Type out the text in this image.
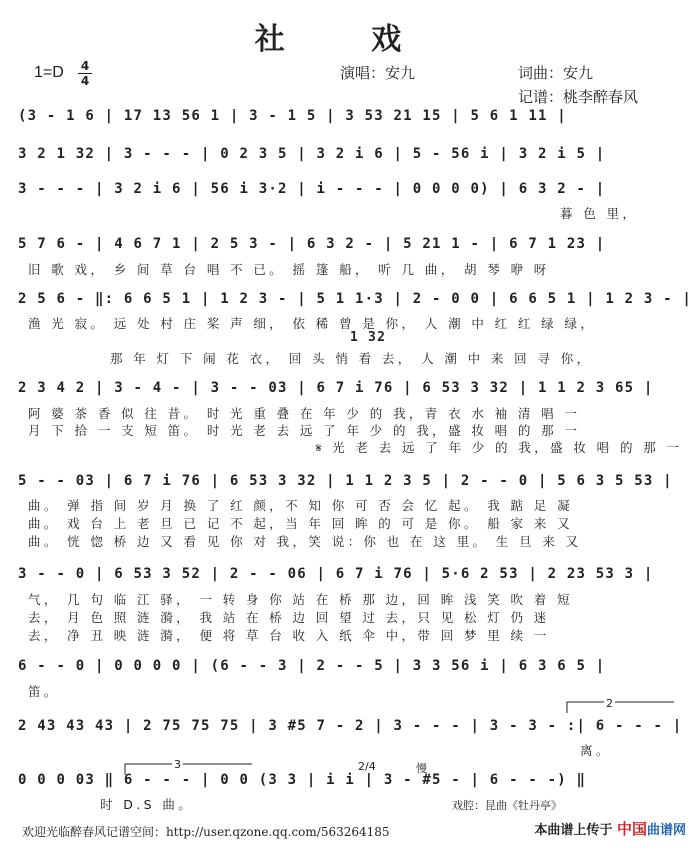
社 戏
1=D 4
4	演唱：安九	词曲：安九
记谱：桃李醉春风
(3 - 1 6 | 17 13 56 1 | 3 - 1 5 | 3 53 21 15 | 5 6 1 11 |
3 2 1 32 | 3 - - - | 0 2 3 5 | 3 2 i 6 | 5 - 56 i | 3 2 i 5 |
3 - - - | 3 2 i 6 | 56 i 3·2 | i - - - | 0 0 0 0) | 6 3 2 - |
暮 色 里，
5 7 6 - | 4 6 7 1 | 2 5 3 - | 6 3 2 - | 5 21 1 - | 6 7 1 23 |
旧 歌 戏， 乡 间 草 台 唱 不 已。 摇 篷 船， 听 几 曲， 胡 琴 咿 呀
2 5 6 - ‖: 6 6 5 1 | 1 2 3 - | 5 1 1·3 | 2 - 0 0 | 6 6 5 1 | 1 2 3 - |
渔 光 寂。 远 处 村 庄 桨 声 细， 依 稀 曾 是 你， 人 潮 中 红 红 绿 绿，
1 32
那 年 灯 下 闹 花 衣， 回 头 悄 看 去， 人 潮 中 来 回 寻 你，
2 3 4 2 | 3 - 4 - | 3 - - 03 | 6 7 i 76 | 6 53 3 32 | 1 1 2 3 65 |
阿 婆 茶 香 似 往 昔。 时 光 重 叠 在 年 少 的 我，青 衣 水 袖 清 唱 一
月 下 拾 一 支 短 笛。 时 光 老 去 远 了 年 少 的 我，盛 妆 唱 的 那 一
𝄋 光 老 去 远 了 年 少 的 我，盛 妆 唱 的 那 一
5 - - 03 | 6 7 i 76 | 6 53 3 32 | 1 1 2 3 5 | 2 - - 0 | 5 6 3 5 53 |
曲。 弹 指 间 岁 月 换 了 红 颜，不 知 你 可 否 会 忆 起。 我 踮 足 凝
曲。 戏 台 上 老 旦 已 记 不 起，当 年 回 眸 的 可 是 你。 船 家 来 又
曲。 恍 惚 桥 边 又 看 见 你 对 我，笑 说：你 也 在 这 里。 生 旦 来 又
3 - - 0 | 6 53 3 52 | 2 - - 06 | 6 7 i 76 | 5·6 2 53 | 2 23 53 3 |
气， 几 句 临 江 驿， 一 转 身 你 站 在 桥 那 边，回 眸 浅 笑 吹 着 短
去， 月 色 照 涟 漪， 我 站 在 桥 边 回 望 过 去，只 见 松 灯 仍 迷
去， 净 丑 映 涟 漪， 便 将 草 台 收 入 纸 伞 中，带 回 梦 里 续 一
6 - - 0 | 0 0 0 0 | (6 - - 3 | 2 - - 5 | 3 3 56 i | 6 3 6 5 |
笛。
2
2 43 43 43 | 2 75 75 75 | 3 #5 7 - 2 | 3 - - - | 3 - 3 - :| 6 - - - |
离。
3	2/4	慢
0 0 0 03 ‖ 6 - - - | 0 0 (3 3 | i i | 3 - #5 - | 6 - - -) ‖
时 D.S 曲。	戏腔：昆曲《牡丹亭》
欢迎光临醉春风记谱空间：http://user.qzone.qq.com/563264185	本曲谱上传于 中国曲谱网
